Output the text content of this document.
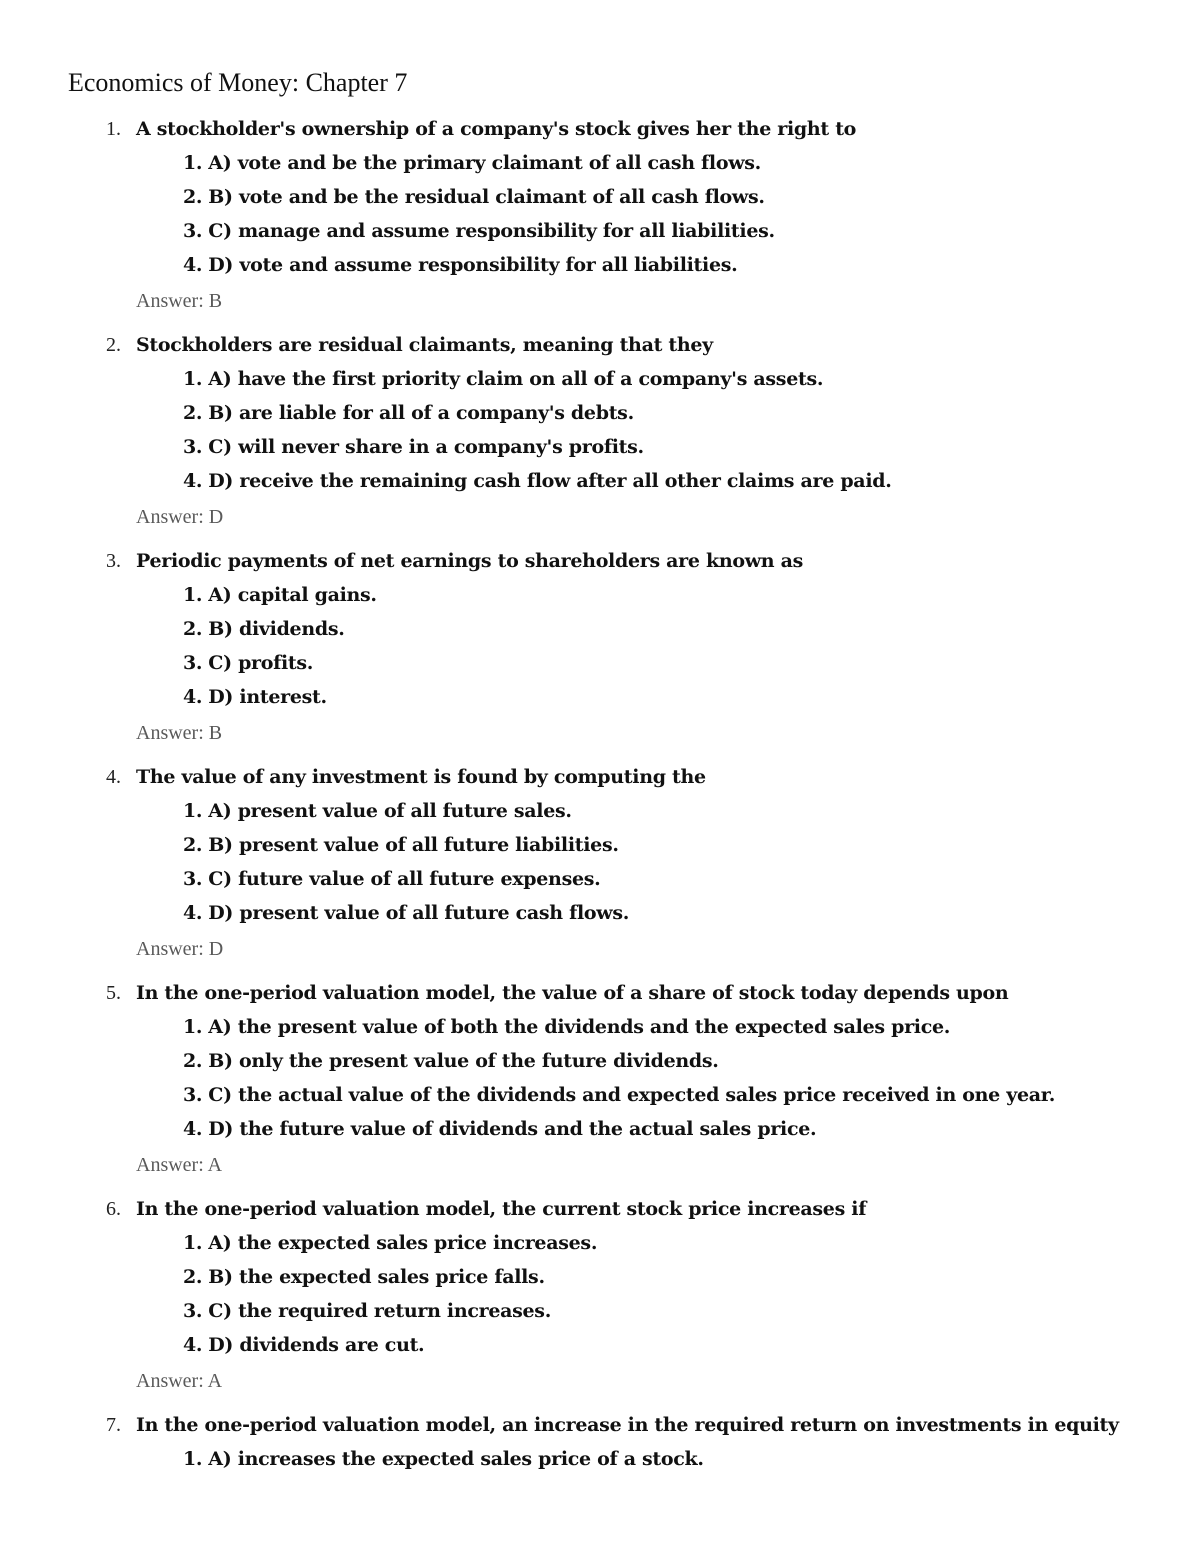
Economics of Money: Chapter 7
1. A stockholder's ownership of a company's stock gives her the right to
1. A) vote and be the primary claimant of all cash flows.
2. B) vote and be the residual claimant of all cash flows.
3. C) manage and assume responsibility for all liabilities.
4. D) vote and assume responsibility for all liabilities.
Answer: B
2. Stockholders are residual claimants, meaning that they
1. A) have the first priority claim on all of a company's assets.
2. B) are liable for all of a company's debts.
3. C) will never share in a company's profits.
4. D) receive the remaining cash flow after all other claims are paid.
Answer: D
3. Periodic payments of net earnings to shareholders are known as
1. A) capital gains.
2. B) dividends.
3. C) profits.
4. D) interest.
Answer: B
4. The value of any investment is found by computing the
1. A) present value of all future sales.
2. B) present value of all future liabilities.
3. C) future value of all future expenses.
4. D) present value of all future cash flows.
Answer: D
5. In the one-period valuation model, the value of a share of stock today depends upon
1. A) the present value of both the dividends and the expected sales price.
2. B) only the present value of the future dividends.
3. C) the actual value of the dividends and expected sales price received in one year.
4. D) the future value of dividends and the actual sales price.
Answer: A
6. In the one-period valuation model, the current stock price increases if
1. A) the expected sales price increases.
2. B) the expected sales price falls.
3. C) the required return increases.
4. D) dividends are cut.
Answer: A
7. In the one-period valuation model, an increase in the required return on investments in equity
1. A) increases the expected sales price of a stock.
